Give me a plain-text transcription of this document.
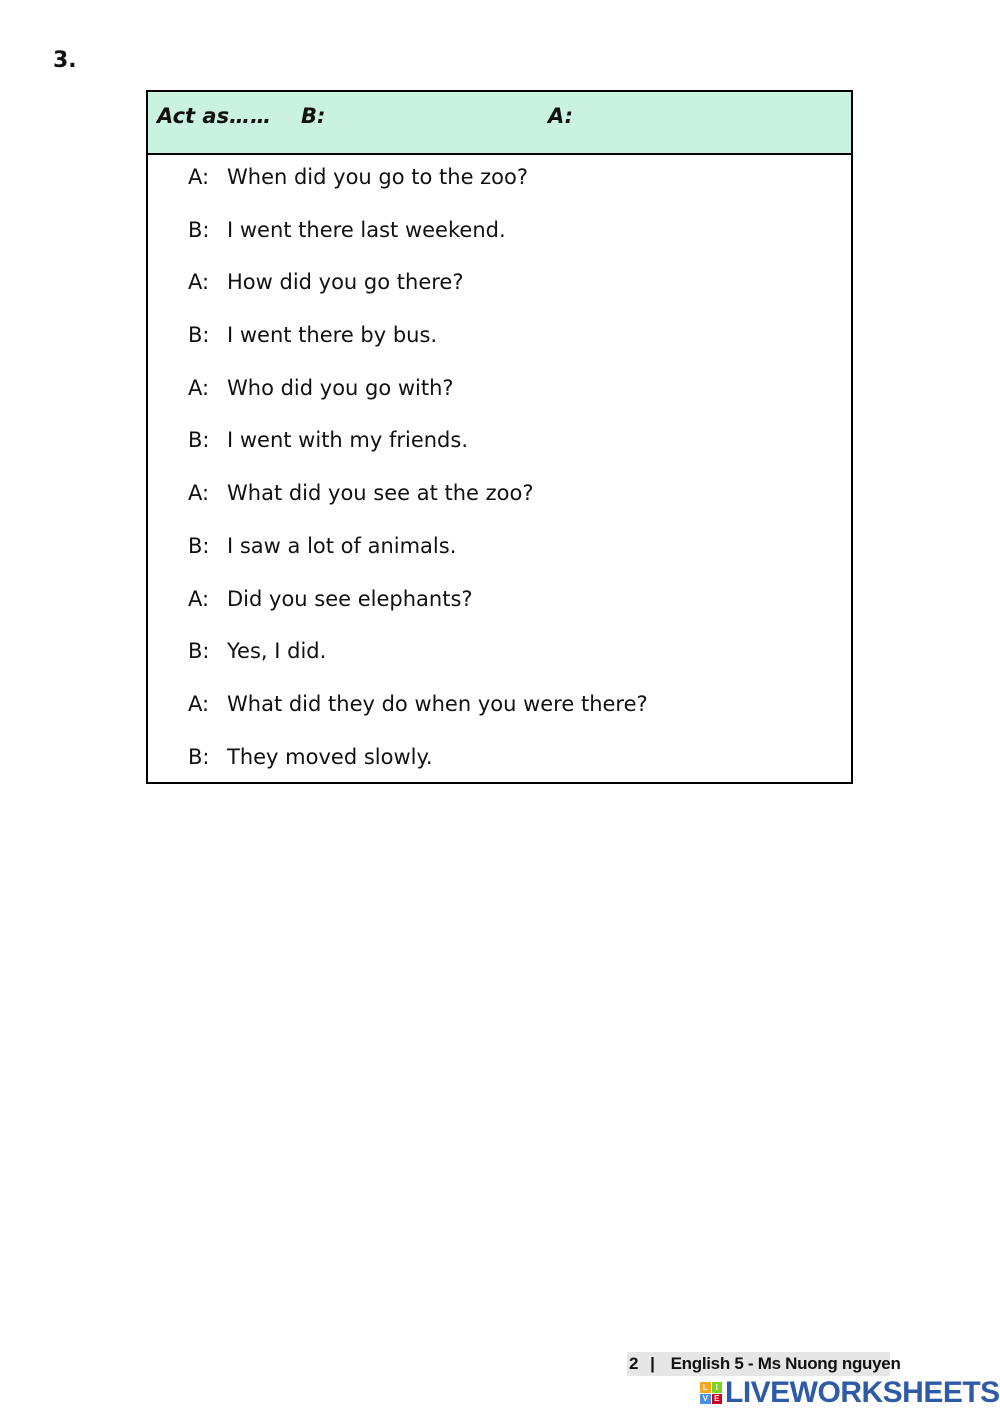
3.
Act as…… B:	A:
A: When did you go to the zoo?
B: I went there last weekend.
A: How did you go there?
B: I went there by bus.
A: Who did you go with?
B: I went with my friends.
A: What did you see at the zoo?
B: I saw a lot of animals.
A: Did you see elephants?
B: Yes, I did.
A: What did they do when you were there?
B: They moved slowly.
2 | English 5 - Ms Nuong nguyen
L I
V E LIVEWORKSHEETS
